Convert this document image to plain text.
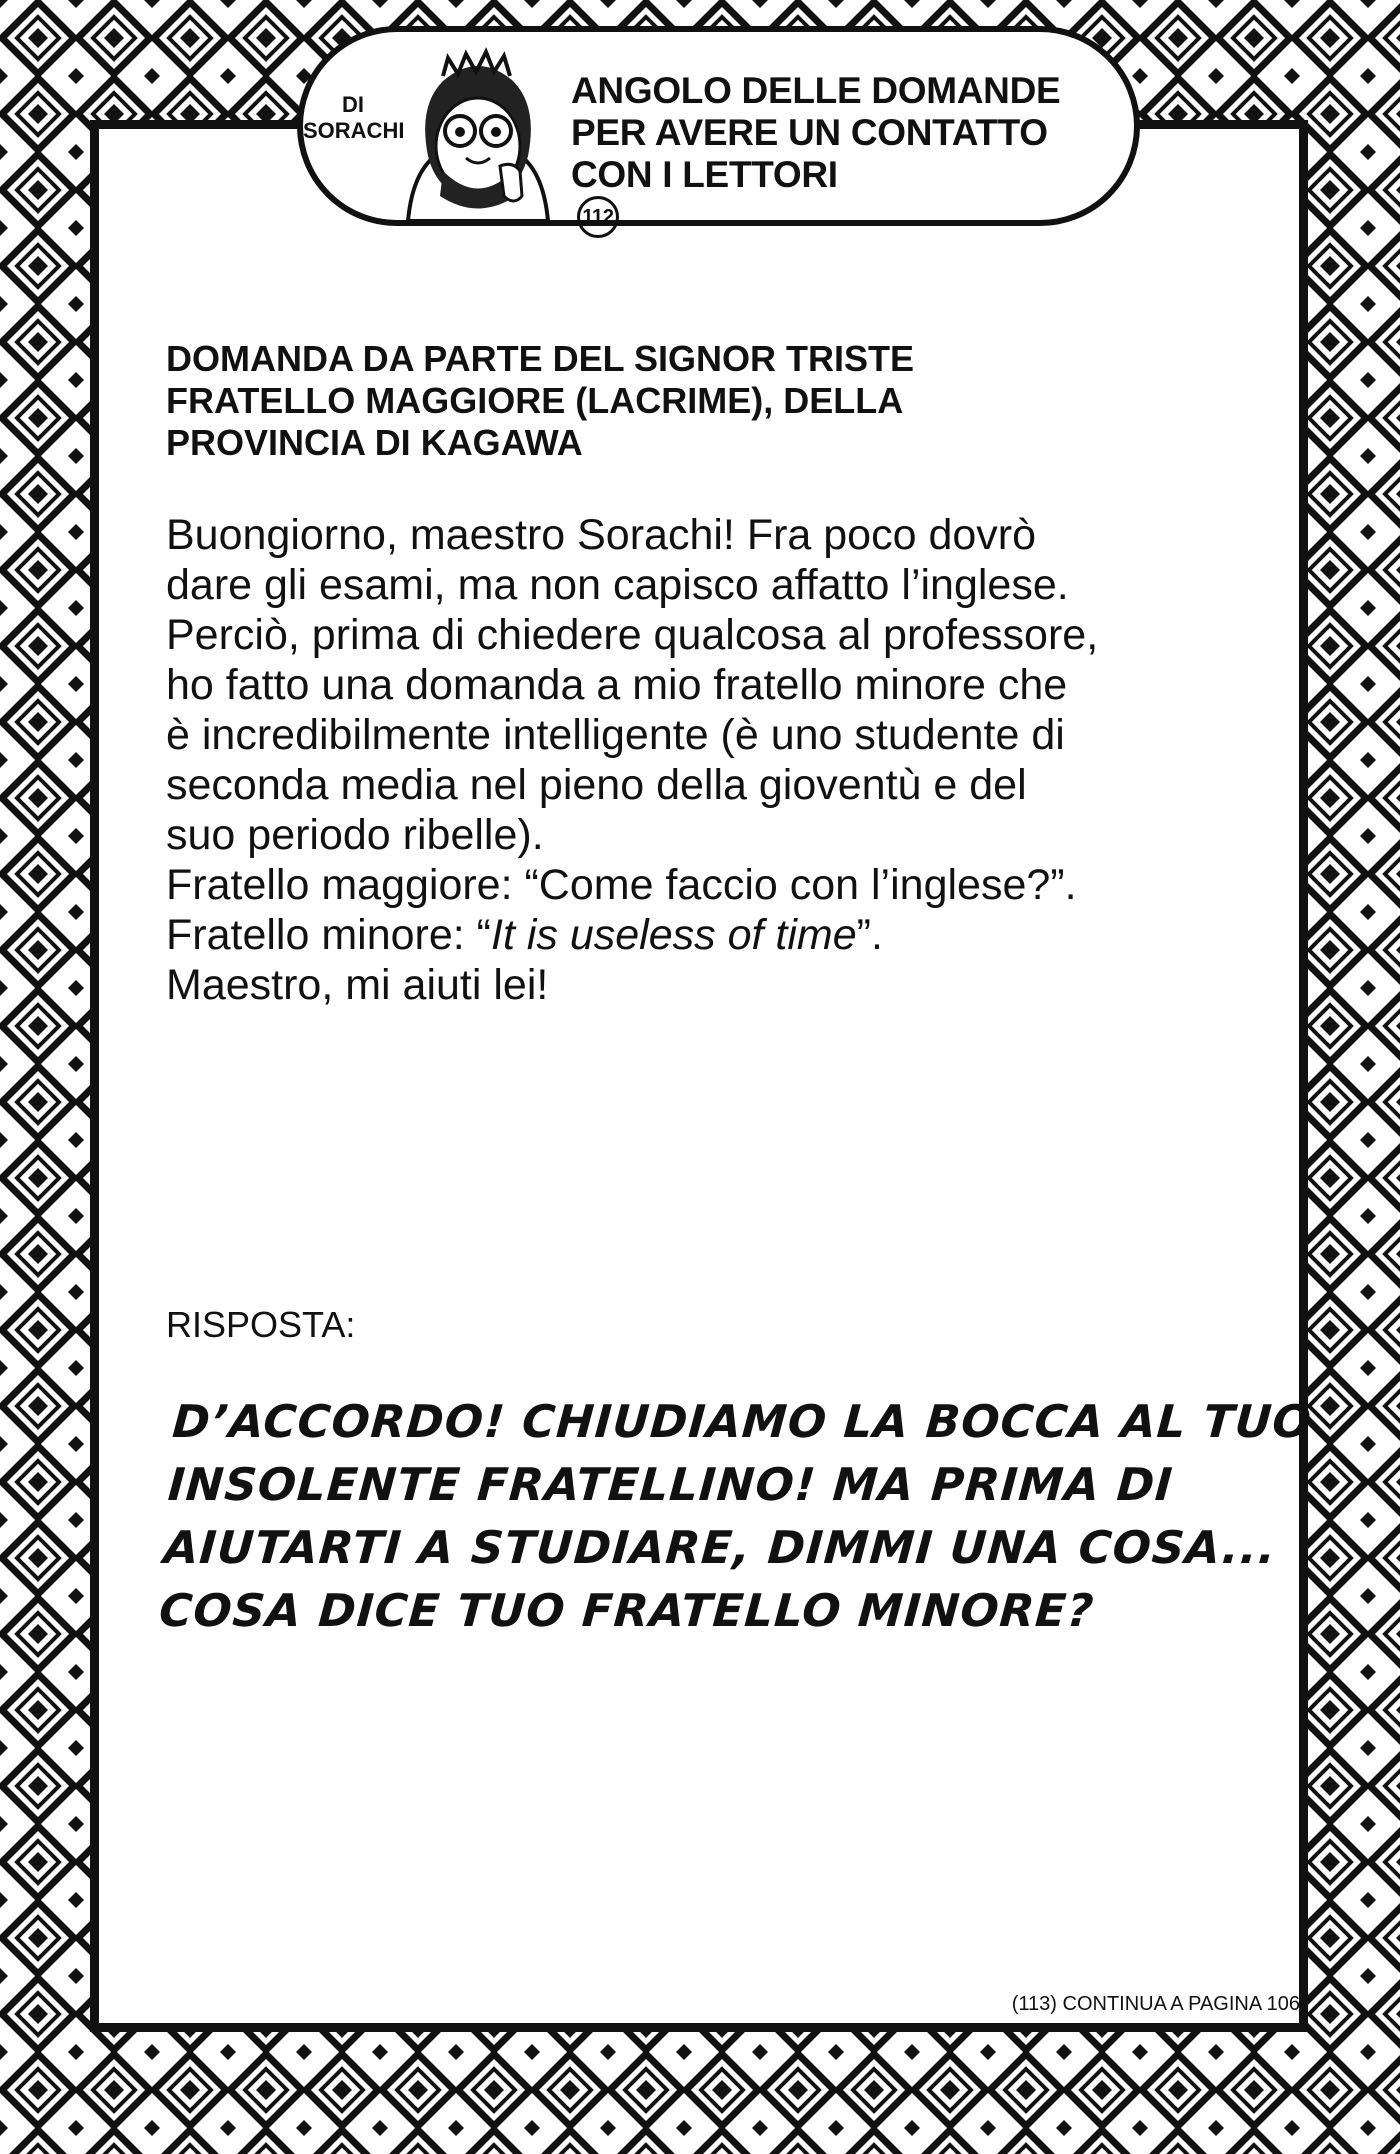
DI
SORACHI
ANGOLO DELLE DOMANDE
PER AVERE UN CONTATTO
CON I LETTORI
112
DOMANDA DA PARTE DEL SIGNOR TRISTE
FRATELLO MAGGIORE (LACRIME), DELLA
PROVINCIA DI KAGAWA
Buongiorno, maestro Sorachi! Fra poco dovrò
dare gli esami, ma non capisco affatto l’inglese.
Perciò, prima di chiedere qualcosa al professore,
ho fatto una domanda a mio fratello minore che
è incredibilmente intelligente (è uno studente di
seconda media nel pieno della gioventù e del
suo periodo ribelle).
Fratello maggiore: “Come faccio con l’inglese?”.
Fratello minore: “It is useless of time”.
Maestro, mi aiuti lei!
RISPOSTA:
D’ACCORDO! CHIUDIAMO LA BOCCA AL TUO
INSOLENTE FRATELLINO! MA PRIMA DI
AIUTARTI A STUDIARE, DIMMI UNA COSA...
COSA DICE TUO FRATELLO MINORE?
(113) CONTINUA A PAGINA 106
